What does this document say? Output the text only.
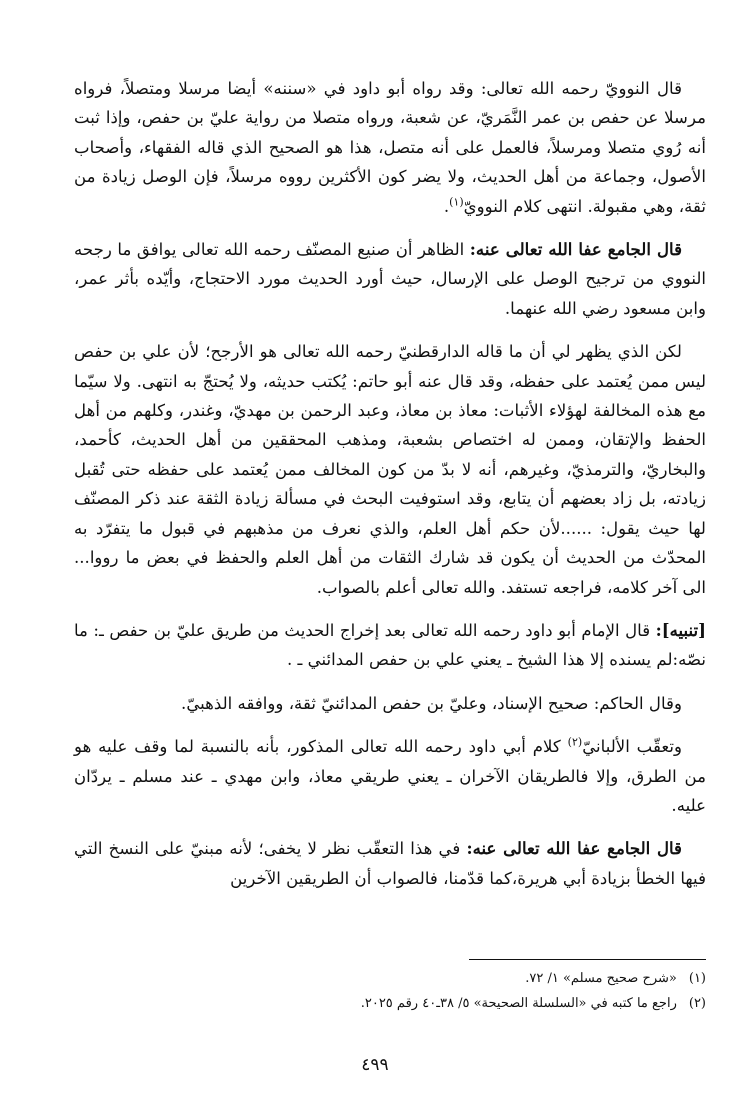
قال النوويّ رحمه الله تعالى: وقد رواه أبو داود في «سننه» أيضا مرسلا ومتصلاً، فرواه مرسلا عن حفص بن عمر النَّمَريّ، عن شعبة، ورواه متصلا من رواية عليّ بن حفص، وإذا ثبت أنه رُوي متصلا ومرسلاً، فالعمل على أنه متصل، هذا هو الصحيح الذي قاله الفقهاء، وأصحاب الأصول، وجماعة من أهل الحديث، ولا يضر كون الأكثرين رووه مرسلاً، فإن الوصل زيادة من ثقة، وهي مقبولة. انتهى كلام النوويّ$^{(١)}$.

قال الجامع عفا الله تعالى عنه: الظاهر أن صنيع المصنّف رحمه الله تعالى يوافق ما رجحه النووي من ترجيح الوصل على الإرسال، حيث أورد الحديث مورد الاحتجاج، وأيّده بأثر عمر، وابن مسعود رضي الله عنهما.

لكن الذي يظهر لي أن ما قاله الدارقطنيّ رحمه الله تعالى هو الأرجح؛ لأن علي بن حفص ليس ممن يُعتمد على حفظه، وقد قال عنه أبو حاتم: يُكتب حديثه، ولا يُحتجّ به انتهى. ولا سيّما مع هذه المخالفة لهؤلاء الأثبات: معاذ بن معاذ، وعبد الرحمن بن مهديّ، وغندر، وكلهم من أهل الحفظ والإتقان، وممن له اختصاص بشعبة، ومذهب المحققين من أهل الحديث، كأحمد، والبخاريّ، والترمذيّ، وغيرهم، أنه لا بدّ من كون المخالف ممن يُعتمد على حفظه حتى تُقبل زيادته، بل زاد بعضهم أن يتابع، وقد استوفيت البحث في مسألة زيادة الثقة عند ذكر المصنّف لها حيث يقول: ......لأن حكم أهل العلم، والذي نعرف من مذهبهم في قبول ما يتفرّد به المحدّث من الحديث أن يكون قد شارك الثقات من أهل العلم والحفظ في بعض ما رووا... الى آخر كلامه، فراجعه تستفد. والله تعالى أعلم بالصواب.

[تنبيه]: قال الإمام أبو داود رحمه الله تعالى بعد إخراج الحديث من طريق عليّ بن حفص ـ: ما نصّه:لم يسنده إلا هذا الشيخ ـ يعني علي بن حفص المدائني ـ .

وقال الحاكم: صحيح الإسناد، وعليّ بن حفص المدائنيّ ثقة، ووافقه الذهبيّ.

وتعقّب الألبانيّ$^{(٢)}$ كلام أبي داود رحمه الله تعالى المذكور، بأنه بالنسبة لما وقف عليه هو من الطرق، وإلا فالطريقان الآخران ـ يعني طريقي معاذ، وابن مهدي ـ عند مسلم ـ يردّان عليه.

قال الجامع عفا الله تعالى عنه: في هذا التعقّب نظر لا يخفى؛ لأنه مبنيّ على النسخ التي فيها الخطأ بزيادة أبي هريرة،كما قدّمنا، فالصواب أن الطريقين الآخرين

(١)«شرح صحيح مسلم» ١/ ٧٢.
(٢)راجع ما كتبه في «السلسلة الصحيحة» ٥/ ٣٨ـ٤٠ رقم ٢٠٢٥.
٤٩٩
